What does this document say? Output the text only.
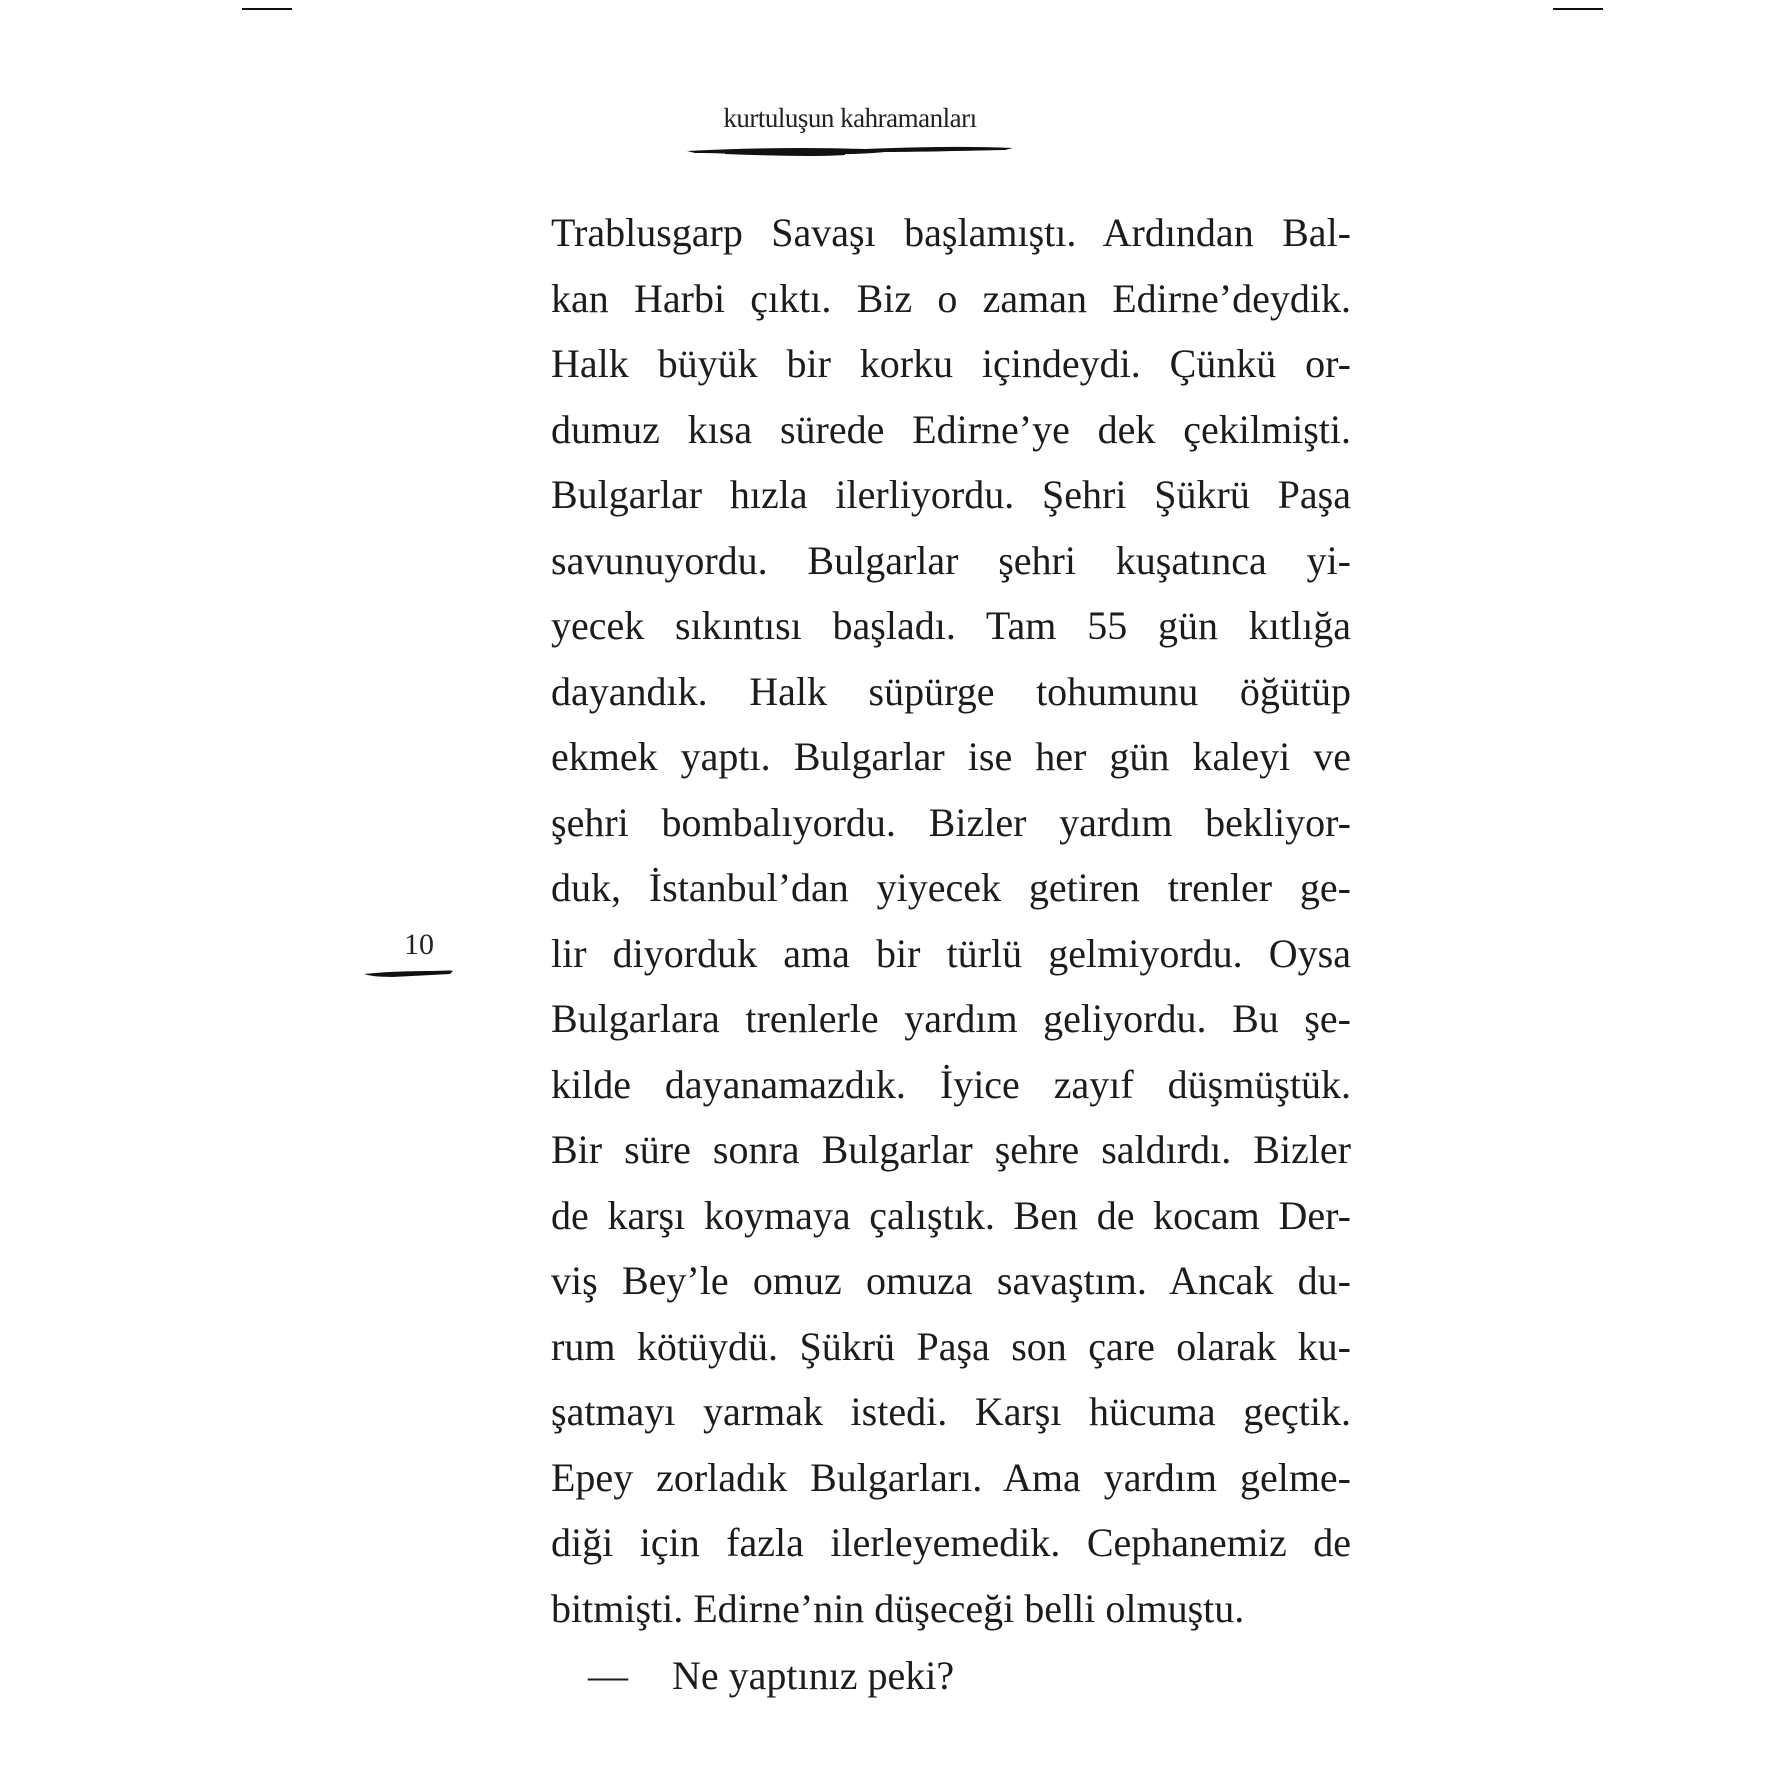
kurtuluşun kahramanları
10
Trablusgarp Savaşı başlamıştı. Ardından Bal-
kan Harbi çıktı. Biz o zaman Edirne’deydik.
Halk büyük bir korku içindeydi. Çünkü or-
dumuz kısa sürede Edirne’ye dek çekilmişti.
Bulgarlar hızla ilerliyordu. Şehri Şükrü Paşa
savunuyordu. Bulgarlar şehri kuşatınca yi-
yecek sıkıntısı başladı. Tam 55 gün kıtlığa
dayandık. Halk süpürge tohumunu öğütüp
ekmek yaptı. Bulgarlar ise her gün kaleyi ve
şehri bombalıyordu. Bizler yardım bekliyor-
duk, İstanbul’dan yiyecek getiren trenler ge-
lir diyorduk ama bir türlü gelmiyordu. Oysa
Bulgarlara trenlerle yardım geliyordu. Bu şe-
kilde dayanamazdık. İyice zayıf düşmüştük.
Bir süre sonra Bulgarlar şehre saldırdı. Bizler
de karşı koymaya çalıştık. Ben de kocam Der-
viş Bey’le omuz omuza savaştım. Ancak du-
rum kötüydü. Şükrü Paşa son çare olarak ku-
şatmayı yarmak istedi. Karşı hücuma geçtik.
Epey zorladık Bulgarları. Ama yardım gelme-
diği için fazla ilerleyemedik. Cephanemiz de
bitmişti. Edirne’nin düşeceği belli olmuştu.
— Ne yaptınız peki?
